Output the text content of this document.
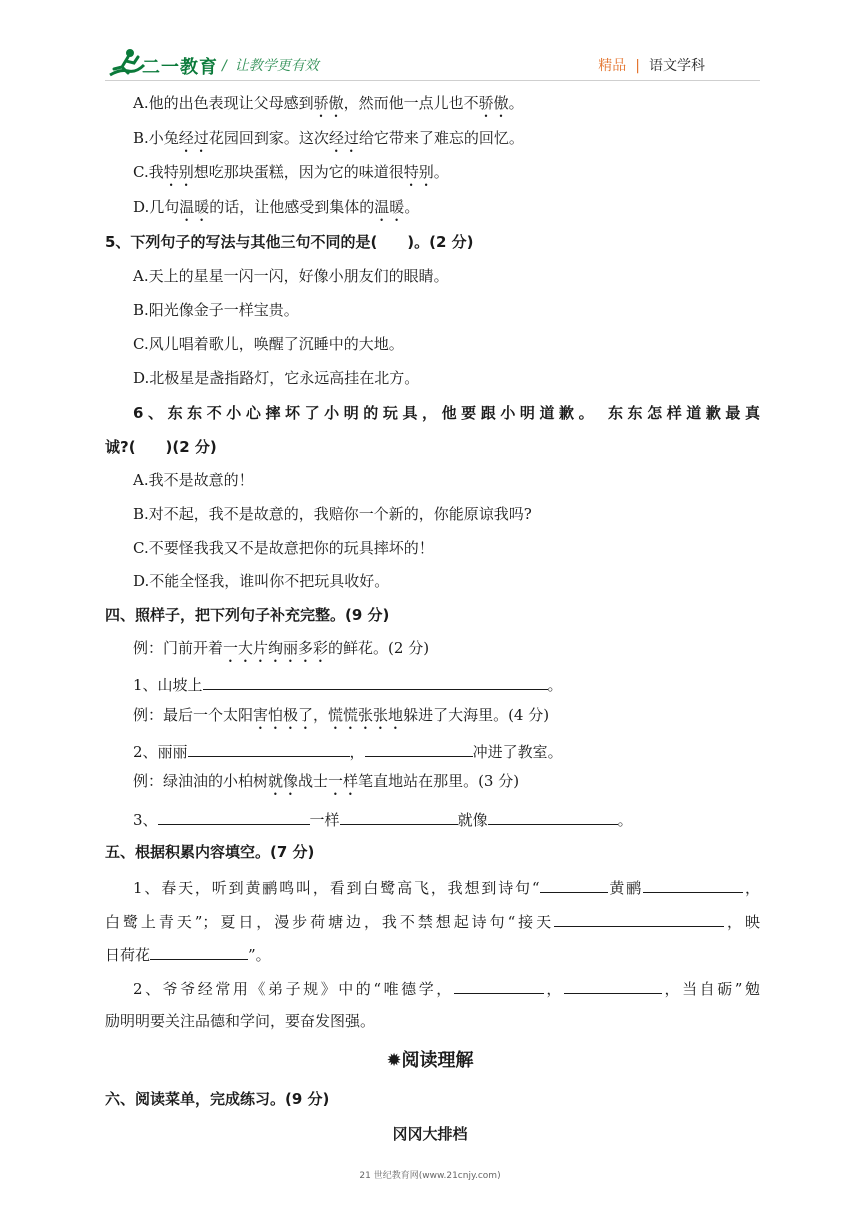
二一教育 / 让教学更有效	精品 | 语文学科
A.他的出色表现让父母感到骄傲，然而他一点儿也不骄傲。
B.小兔经过花园回到家。这次经过给它带来了难忘的回忆。
C.我特别想吃那块蛋糕，因为它的味道很特别。
D.几句温暖的话，让他感受到集体的温暖。
5、下列句子的写法与其他三句不同的是(　　)。(2 分)
A.天上的星星一闪一闪，好像小朋友们的眼睛。
B.阳光像金子一样宝贵。
C.风儿唱着歌儿，唤醒了沉睡中的大地。
D.北极星是盏指路灯，它永远高挂在北方。
6、东东不小心摔坏了小明的玩具，他要跟小明道歉。 东东怎样道歉最真
诚?(　　)(2 分)
A.我不是故意的！
B.对不起，我不是故意的，我赔你一个新的，你能原谅我吗?
C.不要怪我我又不是故意把你的玩具摔坏的！
D.不能全怪我，谁叫你不把玩具收好。
四、照样子，把下列句子补充完整。(9 分)
例：门前开着一大片绚丽多彩的鲜花。(2 分)
1、山坡上	。
例：最后一个太阳害怕极了，慌慌张张地躲进了大海里。(4 分)
2、丽丽	，	冲进了教室。
例：绿油油的小柏树就像战士一样笔直地站在那里。(3 分)
3、	一样	就像	。
五、根据积累内容填空。(7 分)
1、春天，听到黄鹂鸣叫，看到白鹭高飞，我想到诗句“	黄鹂	，
白鹭上青天”；夏日，漫步荷塘边，我不禁想起诗句“接天	，映
日荷花	”。
2、爷爷经常用《弟子规》中的“唯德学，	，	，当自砺”勉
励明明要关注品德和学问，要奋发图强。
✹阅读理解
六、阅读菜单，完成练习。(9 分)
冈冈大排档
21 世纪教育网(www.21cnjy.com)
